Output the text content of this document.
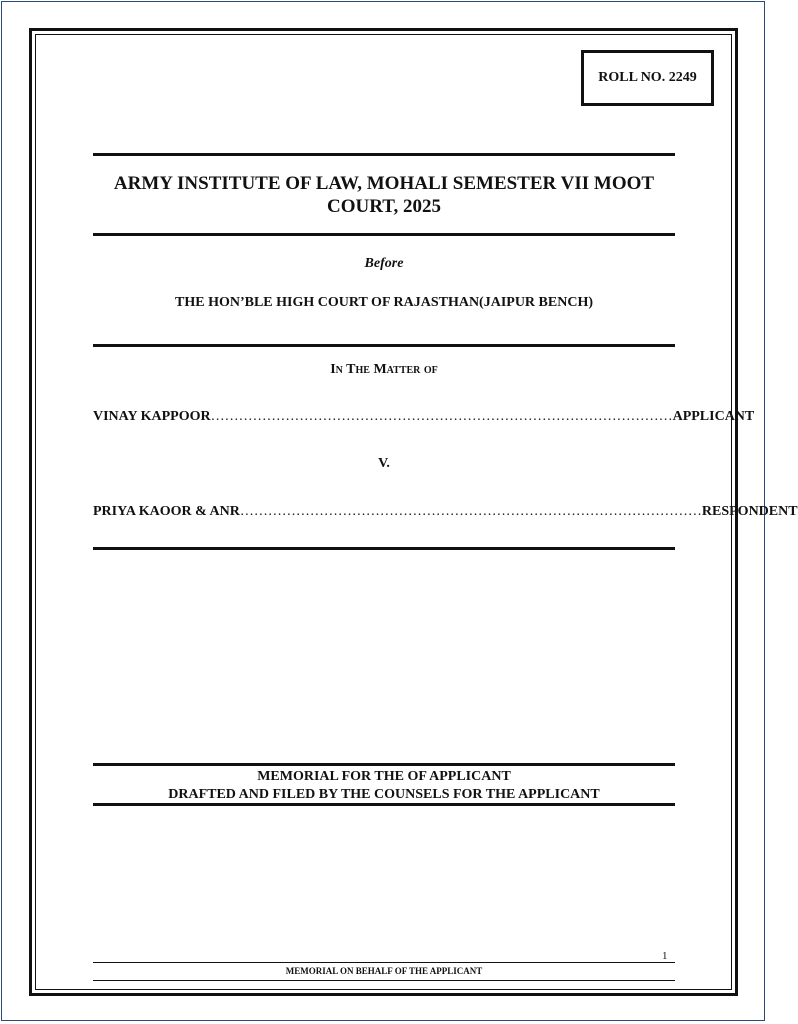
ROLL NO. 2249
ARMY INSTITUTE OF LAW, MOHALI SEMESTER VII MOOT
COURT, 2025
Before
THE HON’BLE HIGH COURT OF RAJASTHAN(JAIPUR BENCH)
In The Matter of
VINAY KAPPOOR ……………………………………………………………………………………… APPLICANT
V.
PRIYA KAOOR & ANR ……………………………………………………………………………………… RESPONDENT
MEMORIAL FOR THE OF APPLICANT
DRAFTED AND FILED BY THE COUNSELS FOR THE APPLICANT
1
MEMORIAL ON BEHALF OF THE APPLICANT
